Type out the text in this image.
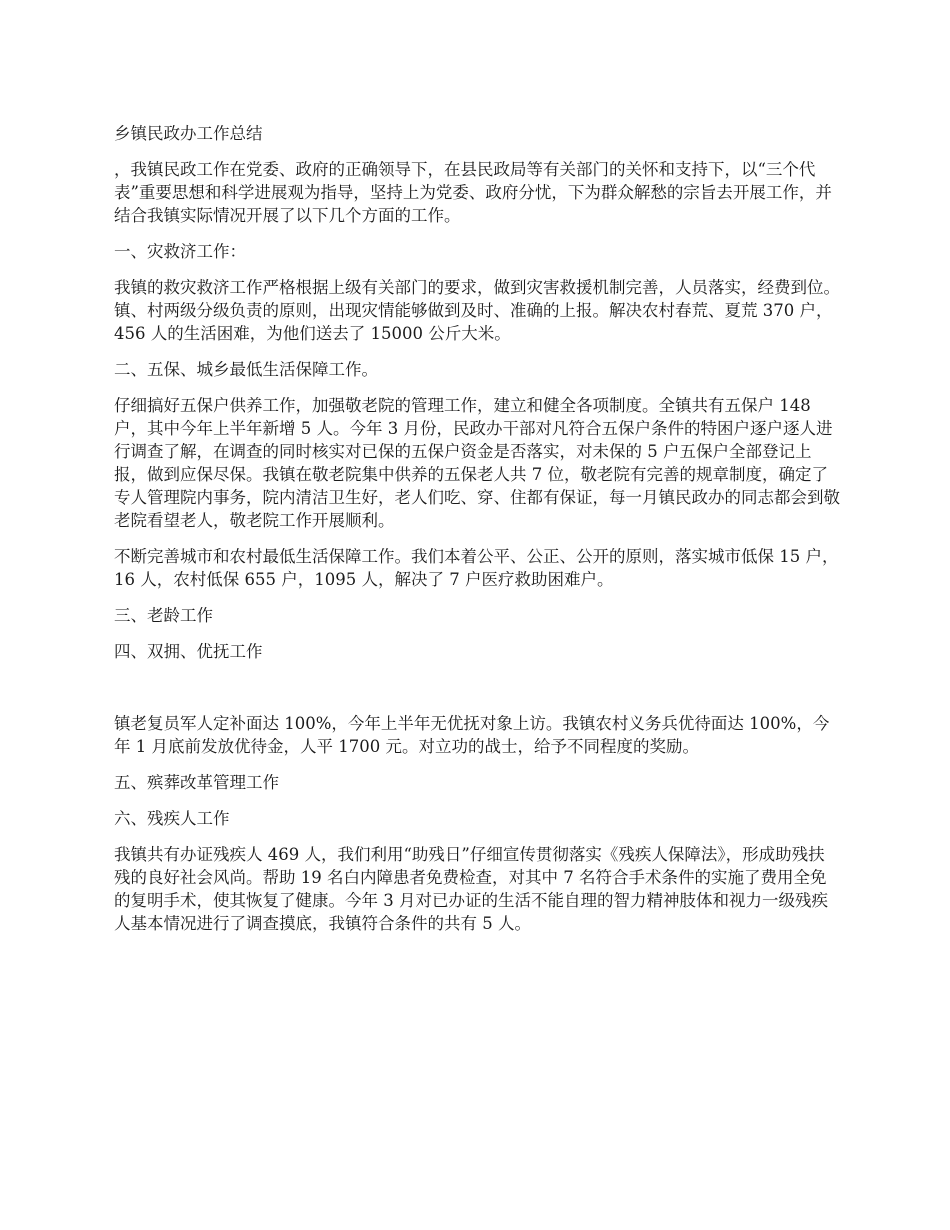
乡镇民政办工作总结

，我镇民政工作在党委、政府的正确领导下，在县民政局等有关部门的关怀和支持下，以“三个代表”重要思想和科学进展观为指导，坚持上为党委、政府分忧，下为群众解愁的宗旨去开展工作，并结合我镇实际情况开展了以下几个方面的工作。

一、灾救济工作：

我镇的救灾救济工作严格根据上级有关部门的要求，做到灾害救援机制完善，人员落实，经费到位。镇、村两级分级负责的原则，出现灾情能够做到及时、准确的上报。解决农村春荒、夏荒 370 户，456 人的生活困难，为他们送去了 15000 公斤大米。

二、五保、城乡最低生活保障工作。

仔细搞好五保户供养工作，加强敬老院的管理工作，建立和健全各项制度。全镇共有五保户 148 户，其中今年上半年新增 5 人。今年 3 月份，民政办干部对凡符合五保户条件的特困户逐户逐人进行调查了解，在调查的同时核实对已保的五保户资金是否落实，对未保的 5 户五保户全部登记上报，做到应保尽保。我镇在敬老院集中供养的五保老人共 7 位，敬老院有完善的规章制度，确定了专人管理院内事务，院内清洁卫生好，老人们吃、穿、住都有保证，每一月镇民政办的同志都会到敬老院看望老人，敬老院工作开展顺利。

不断完善城市和农村最低生活保障工作。我们本着公平、公正、公开的原则，落实城市低保 15 户，16 人，农村低保 655 户，1095 人，解决了 7 户医疗救助困难户。

三、老龄工作

四、双拥、优抚工作

镇老复员军人定补面达 100%，今年上半年无优抚对象上访。我镇农村义务兵优待面达 100%，今年 1 月底前发放优待金，人平 1700 元。对立功的战士，给予不同程度的奖励。

五、殡葬改革管理工作

六、残疾人工作

我镇共有办证残疾人 469 人，我们利用“助残日”仔细宣传贯彻落实《残疾人保障法》，形成助残扶残的良好社会风尚。帮助 19 名白内障患者免费检查，对其中 7 名符合手术条件的实施了费用全免的复明手术，使其恢复了健康。今年 3 月对已办证的生活不能自理的智力精神肢体和视力一级残疾人基本情况进行了调查摸底，我镇符合条件的共有 5 人。
